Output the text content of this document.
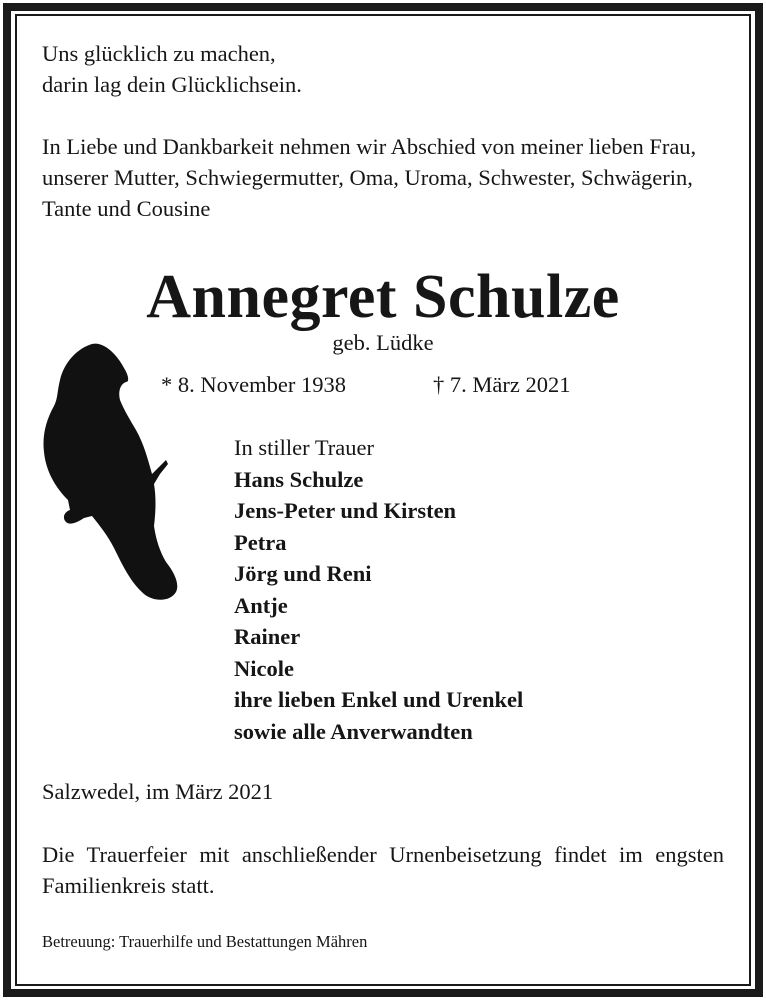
Uns glücklich zu machen,
darin lag dein Glücklichsein.
In Liebe und Dankbarkeit nehmen wir Abschied von meiner lieben Frau, unserer Mutter, Schwiegermutter, Oma, Uroma, Schwester, Schwägerin, Tante und Cousine
Annegret Schulze
geb. Lüdke
* 8. November 1938	† 7. März 2021
In stiller Trauer
Hans Schulze
Jens-Peter und Kirsten
Petra
Jörg und Reni
Antje
Rainer
Nicole
ihre lieben Enkel und Urenkel
sowie alle Anverwandten
Salzwedel, im März 2021
Die Trauerfeier mit anschließender Urnenbeisetzung findet im engsten Familienkreis statt.
Betreuung: Trauerhilfe und Bestattungen Mähren
